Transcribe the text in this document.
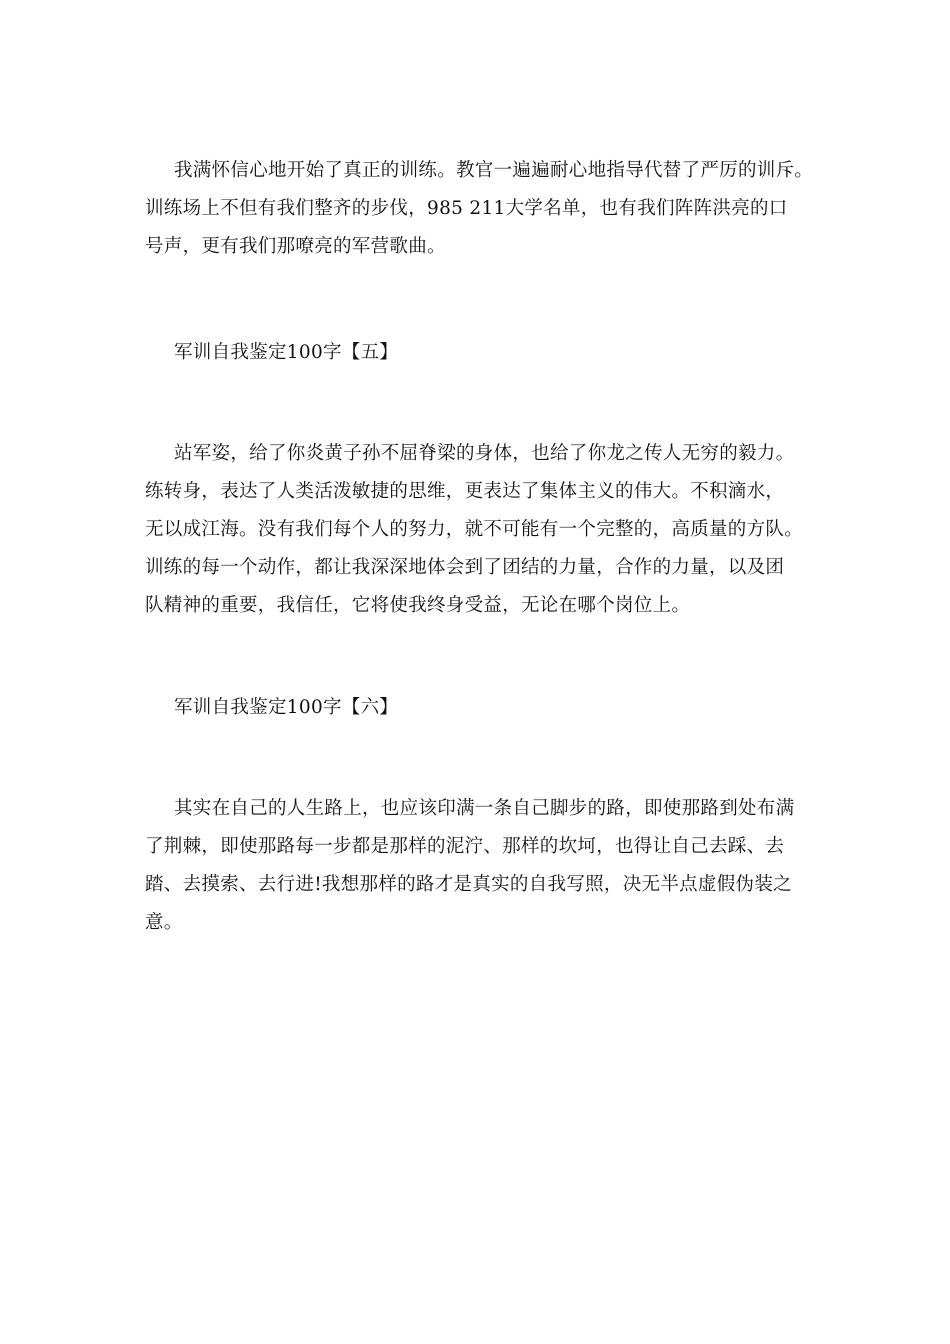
我满怀信心地开始了真正的训练。教官一遍遍耐心地指导代替了严厉的训斥。
训练场上不但有我们整齐的步伐，985 211大学名单，也有我们阵阵洪亮的口
号声，更有我们那嘹亮的军营歌曲。
军训自我鉴定100字【五】
站军姿，给了你炎黄子孙不屈脊梁的身体，也给了你龙之传人无穷的毅力。
练转身，表达了人类活泼敏捷的思维，更表达了集体主义的伟大。不积滴水，
无以成江海。没有我们每个人的努力，就不可能有一个完整的，高质量的方队。
训练的每一个动作，都让我深深地体会到了团结的力量，合作的力量，以及团
队精神的重要，我信任，它将使我终身受益，无论在哪个岗位上。
军训自我鉴定100字【六】
其实在自己的人生路上，也应该印满一条自己脚步的路，即使那路到处布满
了荆棘，即使那路每一步都是那样的泥泞、那样的坎坷，也得让自己去踩、去
踏、去摸索、去行进!我想那样的路才是真实的自我写照，决无半点虚假伪装之
意。
